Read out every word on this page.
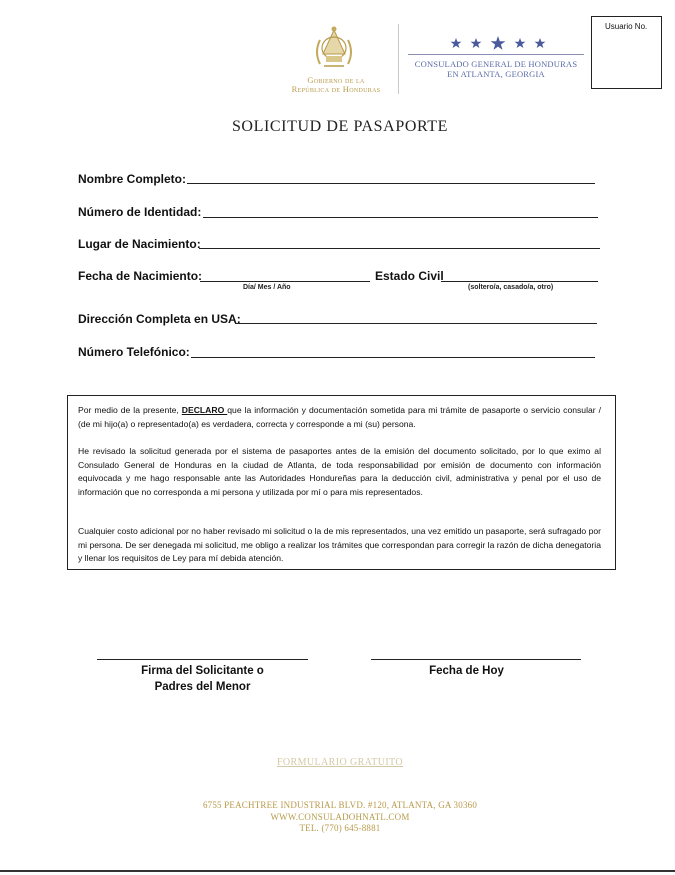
Gobierno de la
República de Honduras
CONSULADO GENERAL DE HONDURAS
EN ATLANTA, GEORGIA
Usuario No.
SOLICITUD DE PASAPORTE
Nombre Completo:
Número de Identidad:
Lugar de Nacimiento:
Fecha de Nacimiento:
Día/ Mes / Año
Estado Civil
(soltero/a, casado/a, otro)
Dirección Completa en USA:
Número Telefónico:

Por medio de la presente, DECLARO que la información y documentación sometida para mi trámite de pasaporte o servicio consular / (de mi hijo(a) o representado(a) es verdadera, correcta y corresponde a mi (su) persona.

He revisado la solicitud generada por el sistema de pasaportes antes de la emisión del documento solicitado, por lo que eximo al Consulado General de Honduras en la ciudad de Atlanta, de toda responsabilidad por emisión de documento con información equivocada y me hago responsable ante las Autoridades Hondureñas para la deducción civil, administrativa y penal por el uso de información que no corresponda a mi persona y utilizada por mí o para mis representados.

Cualquier costo adicional por no haber revisado mi solicitud o la de mis representados, una vez emitido un pasaporte, será sufragado por mi persona. De ser denegada mi solicitud, me obligo a realizar los trámites que correspondan para corregir la razón de dicha denegatoria y llenar los requisitos de Ley para mí debida atención.

Firma del Solicitante o
Padres del Menor
Fecha de Hoy
FORMULARIO GRATUITO
6755 PEACHTREE INDUSTRIAL BLVD. #120, ATLANTA, GA 30360
WWW.CONSULADOHNATL.COM
TEL. (770) 645-8881
